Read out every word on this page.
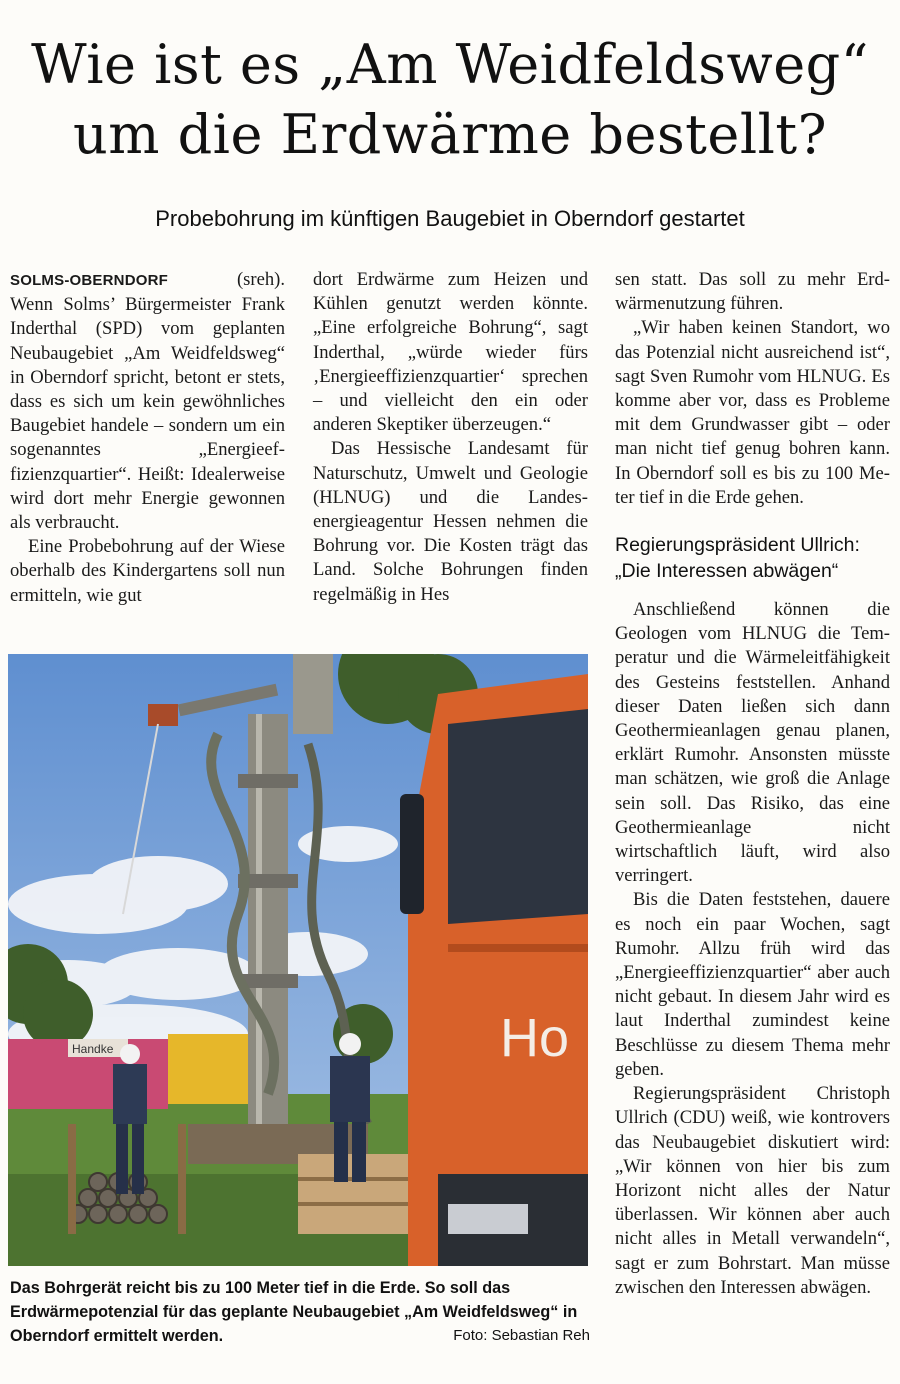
Wie ist es „Am Weidfeldsweg“
um die Erdwärme bestellt?
Probebohrung im künftigen Baugebiet in Oberndorf gestartet

SOLMS-OBERNDORF	(sreh). Wenn Solms’ Bürgermeister Frank Inderthal (SPD) vom geplanten Neubaugebiet „Am Weidfeldsweg“ in Oberndorf spricht, betont er stets, dass es sich um kein gewöhnliches Baugebiet handele – sondern um ein sogenanntes „Energieeffizienzquartier“. Heißt: Idealerweise wird dort mehr Energie gewonnen als verbraucht.

Eine Probebohrung auf der Wiese oberhalb des Kindergartens soll nun ermitteln, wie gut

dort Erdwärme zum Heizen und Kühlen genutzt werden könnte. „Eine erfolgreiche Bohrung“, sagt Inderthal, „würde wieder fürs ‚Energieeffizienzquartier‘ sprechen – und vielleicht den ein oder anderen Skeptiker überzeugen.“

Das Hessische Landesamt für Naturschutz, Umwelt und Geologie (HLNUG) und die Landesenergieagentur Hessen nehmen die Bohrung vor. Die Kosten trägt das Land. Solche Bohrungen finden regelmäßig in Hes

sen statt. Das soll zu mehr Erdwärmenutzung führen.

„Wir haben keinen Standort, wo das Potenzial nicht ausreichend ist“, sagt Sven Rumohr vom HLNUG. Es komme aber vor, dass es Probleme mit dem Grundwasser gibt – oder man nicht tief genug bohren kann. In Oberndorf soll es bis zu 100 Meter tief in die Erde gehen.

Regierungspräsident Ullrich:
„Die Interessen abwägen“

Anschließend können die Geologen vom HLNUG die Temperatur und die Wärmeleitfähigkeit des Gesteins feststellen. Anhand dieser Daten ließen sich dann Geothermieanlagen genau planen, erklärt Rumohr. Ansonsten müsste man schätzen, wie groß die Anlage sein soll. Das Risiko, das eine Geothermieanlage nicht wirtschaftlich läuft, wird also verringert.

Bis die Daten feststehen, dauere es noch ein paar Wochen, sagt Rumohr. Allzu früh wird das „Energieeffizienzquartier“ aber auch nicht gebaut. In diesem Jahr wird es laut Inderthal zumindest keine Beschlüsse zu diesem Thema mehr geben.

Regierungspräsident Christoph Ullrich (CDU) weiß, wie kontrovers das Neubaugebiet diskutiert wird: „Wir können von hier bis zum Horizont nicht alles der Natur überlassen. Wir können aber auch nicht alles in Metall verwandeln“, sagt er zum Bohrstart. Man müsse zwischen den Interessen abwägen.

Handke	Ho
Das Bohrgerät reicht bis zu 100 Meter tief in die Erde. So soll das Erdwärmepotenzial für das geplante Neubaugebiet „Am Weidfeldsweg“ in Oberndorf ermittelt werden.	Foto: Sebastian Reh
